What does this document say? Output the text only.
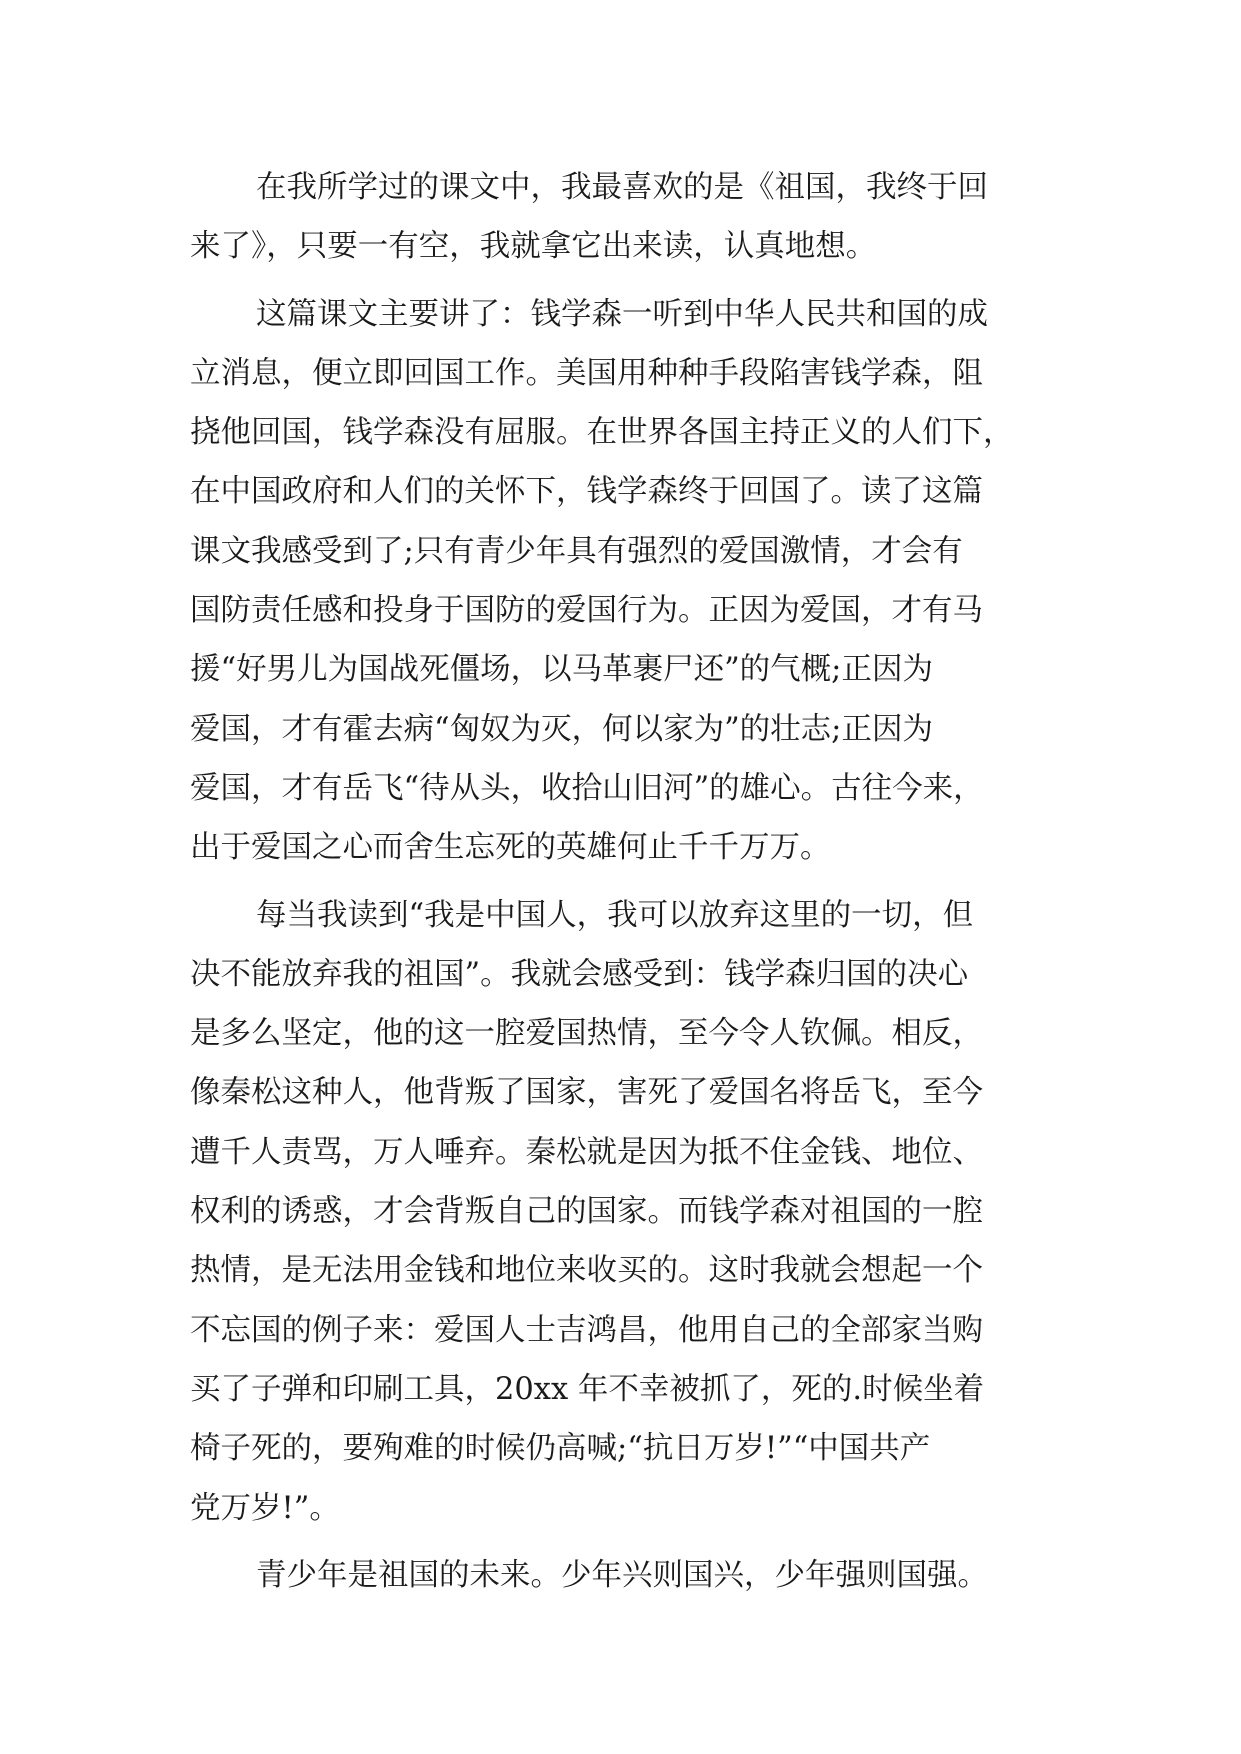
在我所学过的课文中，我最喜欢的是《祖国，我终于回
来了》，只要一有空，我就拿它出来读，认真地想。
这篇课文主要讲了：钱学森一听到中华人民共和国的成
立消息，便立即回国工作。美国用种种手段陷害钱学森，阻
挠他回国，钱学森没有屈服。在世界各国主持正义的人们下，
在中国政府和人们的关怀下，钱学森终于回国了。读了这篇
课文我感受到了;只有青少年具有强烈的爱国激情，才会有
国防责任感和投身于国防的爱国行为。正因为爱国，才有马
援“好男儿为国战死僵场，以马革裹尸还”的气概;正因为
爱国，才有霍去病“匈奴为灭，何以家为”的壮志;正因为
爱国，才有岳飞“待从头，收拾山旧河”的雄心。古往今来，
出于爱国之心而舍生忘死的英雄何止千千万万。
每当我读到“我是中国人，我可以放弃这里的一切，但
决不能放弃我的祖国”。我就会感受到：钱学森归国的决心
是多么坚定，他的这一腔爱国热情，至今令人钦佩。相反，
像秦松这种人，他背叛了国家，害死了爱国名将岳飞，至今
遭千人责骂，万人唾弃。秦松就是因为抵不住金钱、地位、
权利的诱惑，才会背叛自己的国家。而钱学森对祖国的一腔
热情，是无法用金钱和地位来收买的。这时我就会想起一个
不忘国的例子来：爱国人士吉鸿昌，他用自己的全部家当购
买了子弹和印刷工具，20xx 年不幸被抓了，死的.时候坐着
椅子死的，要殉难的时候仍高喊;“抗日万岁!”“中国共产
党万岁!”。
青少年是祖国的未来。少年兴则国兴，少年强则国强。
